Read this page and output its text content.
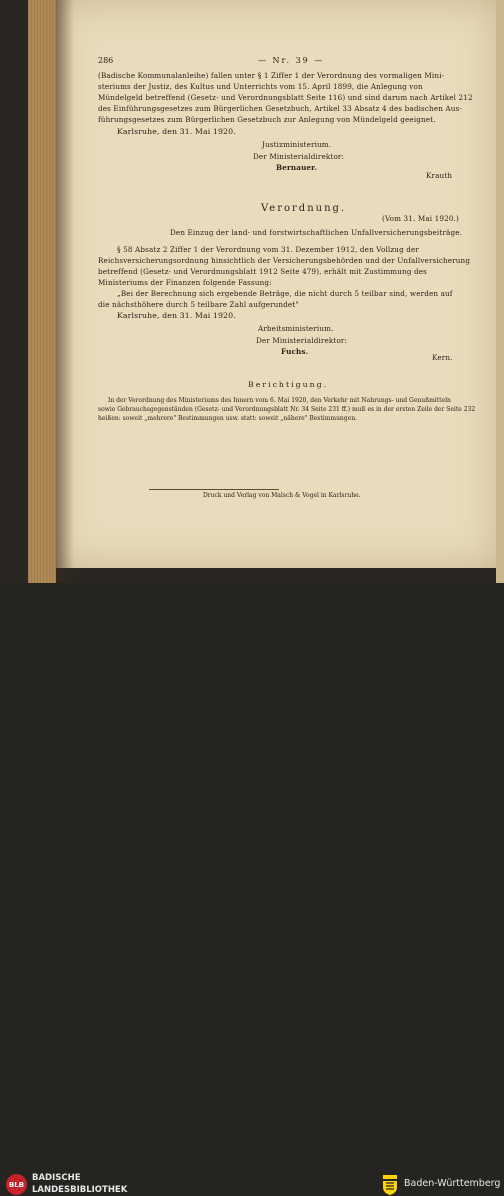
286	— Nr. 39 —
(Badische Kommunalanleihe) fallen unter § 1 Ziffer 1 der Verordnung des vormaligen Mini-
steriums der Justiz, des Kultus und Unterrichts vom 15. April 1899, die Anlegung von
Mündelgeld betreffend (Gesetz- und Verordnungsblatt Seite 116) und sind darum nach Artikel 212
des Einführungsgesetzes zum Bürgerlichen Gesetzbuch, Artikel 33 Absatz 4 des badischen Aus-
führungsgesetzes zum Bürgerlichen Gesetzbuch zur Anlegung von Mündelgeld geeignet.
Karlsruhe, den 31. Mai 1920.
Justizministerium.
Der Ministerialdirektor:
Bernauer.
Krauth
Verordnung.
(Vom 31. Mai 1920.)
Den Einzug der land- und forstwirtschaftlichen Unfallversicherungsbeiträge.
§ 58 Absatz 2 Ziffer 1 der Verordnung vom 31. Dezember 1912, den Vollzug der
Reichsversicherungsordnung hinsichtlich der Versicherungsbehörden und der Unfallversicherung
betreffend (Gesetz- und Verordnungsblatt 1912 Seite 479), erhält mit Zustimmung des
Ministeriums der Finanzen folgende Fassung:
„Bei der Berechnung sich ergebende Beträge, die nicht durch 5 teilbar sind, werden auf
die nächsthöhere durch 5 teilbare Zahl aufgerundet"
Karlsruhe, den 31. Mai 1920.
Arbeitsministerium.
Der Ministerialdirektor:
Fuchs.
Kern.
Berichtigung.
In der Verordnung des Ministeriums des Innern vom 6. Mai 1920, den Verkehr mit Nahrungs- und Genußmitteln
sowie Gebrauchsgegenständen (Gesetz- und Verordnungsblatt Nr. 34 Seite 231 ff.) muß es in der ersten Zeile der Seite 232
heißen: soweit „mehrere" Bestimmungen usw. statt: soweit „nähere" Bestimmungen.
Druck und Verlag von Malsch & Vogel in Karlsruhe.
BLB
BADISCHE
LANDESBIBLIOTHEK
Baden-Württemberg
